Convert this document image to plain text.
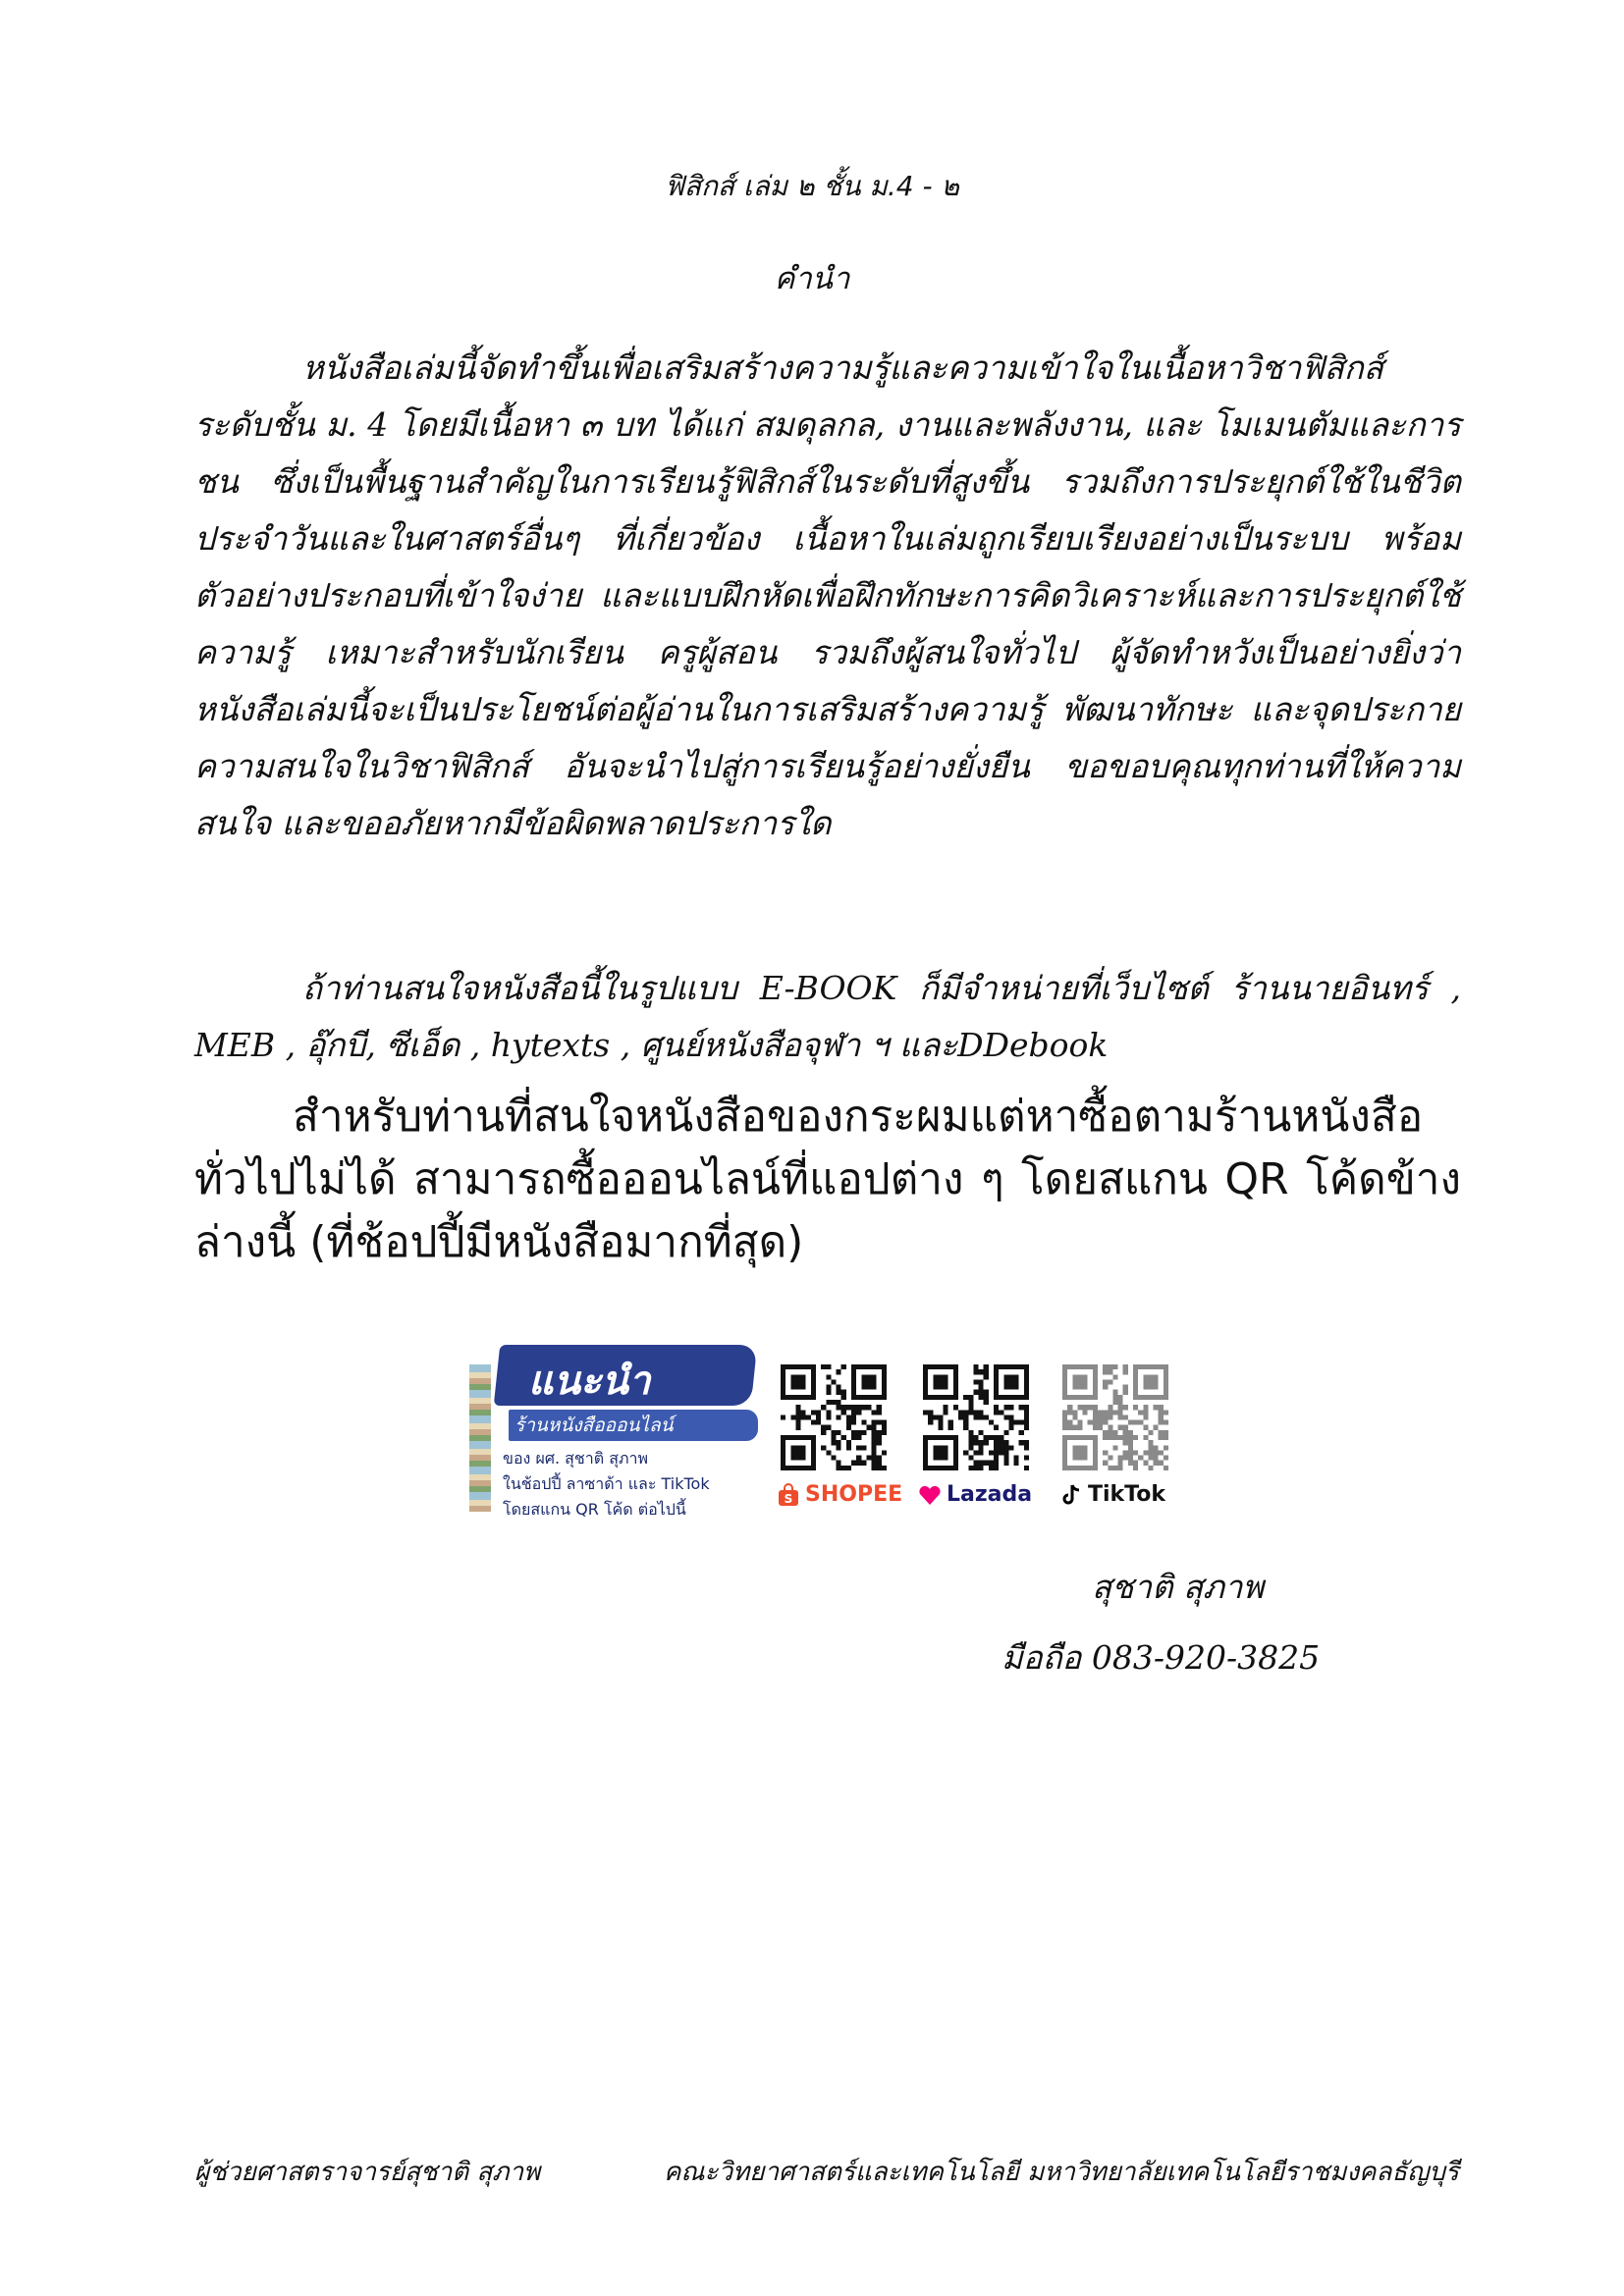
ฟิสิกส์ เล่ม ๒ ชั้น ม.4 - ๒
คำนำ
หนังสือเล่มนี้จัดทำขึ้นเพื่อเสริมสร้างความรู้และความเข้าใจในเนื้อหาวิชาฟิสิกส์ ระดับชั้น ม. 4 โดยมีเนื้อหา ๓ บท ได้แก่ สมดุลกล, งานและพลังงาน, และ โมเมนตัมและการชน ซึ่งเป็นพื้นฐานสำคัญในการเรียนรู้ฟิสิกส์ในระดับที่สูงขึ้น รวมถึงการประยุกต์ใช้ในชีวิตประจำวันและในศาสตร์อื่นๆ ที่เกี่ยวข้อง เนื้อหาในเล่มถูกเรียบเรียงอย่างเป็นระบบ พร้อมตัวอย่างประกอบที่เข้าใจง่าย และแบบฝึกหัดเพื่อฝึกทักษะการคิดวิเคราะห์และการประยุกต์ใช้ความรู้ เหมาะสำหรับนักเรียน ครูผู้สอน รวมถึงผู้สนใจทั่วไป ผู้จัดทำหวังเป็นอย่างยิ่งว่า หนังสือเล่มนี้จะเป็นประโยชน์ต่อผู้อ่านในการเสริมสร้างความรู้ พัฒนาทักษะ และจุดประกายความสนใจในวิชาฟิสิกส์ อันจะนำไปสู่การเรียนรู้อย่างยั่งยืน ขอขอบคุณทุกท่านที่ให้ความสนใจ และขออภัยหากมีข้อผิดพลาดประการใด
ถ้าท่านสนใจหนังสือนี้ในรูปแบบ E-BOOK ก็มีจำหน่ายที่เว็บไซต์ ร้านนายอินทร์ , MEB , อุ๊กบี, ซีเอ็ด , hytexts , ศูนย์หนังสือจุฬา ฯ และDDebook
สำหรับท่านที่สนใจหนังสือของกระผมแต่หาซื้อตามร้านหนังสือทั่วไปไม่ได้ สามารถซื้อออนไลน์ที่แอปต่าง ๆ โดยสแกน QR โค้ดข้างล่างนี้ (ที่ช้อปปี้มีหนังสือมากที่สุด)
แนะนำ
ร้านหนังสือออนไลน์
ของ ผศ. สุชาติ สุภาพ
ในช้อปปี้ ลาซาด้า และ TikTok
โดยสแกน QR โค้ด ต่อไปนี้
S SHOPEE	Lazada	TikTok
สุชาติ สุภาพ
มือถือ 083-920-3825
ผู้ช่วยศาสตราจารย์สุชาติ สุภาพ	คณะวิทยาศาสตร์และเทคโนโลยี มหาวิทยาลัยเทคโนโลยีราชมงคลธัญบุรี
